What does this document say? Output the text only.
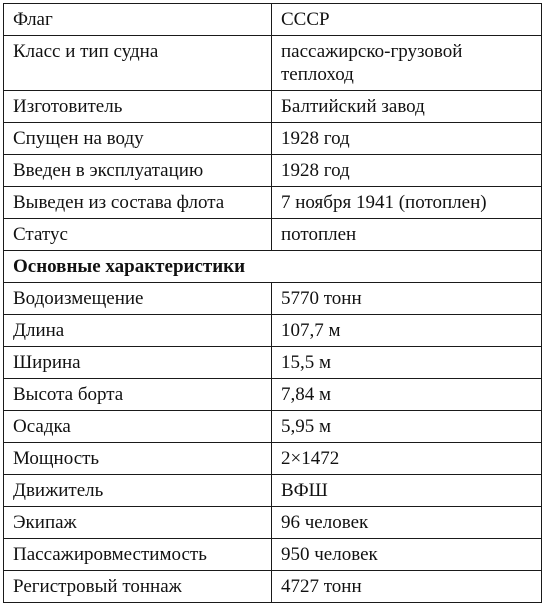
Флаг	СССР
Класс и тип судна	пассажирско-грузовой теплоход
Изготовитель	Балтийский завод
Спущен на воду	1928 год
Введен в эксплуатацию	1928 год
Выведен из состава флота	7 ноября 1941 (потоплен)
Статус	потоплен
Основные характеристики	
Водоизмещение	5770 тонн
Длина	107,7 м
Ширина	15,5 м
Высота борта	7,84 м
Осадка	5,95 м
Мощность	2×1472
Движитель	ВФШ
Экипаж	96 человек
Пассажировместимость	950 человек
Регистровый тоннаж	4727 тонн
